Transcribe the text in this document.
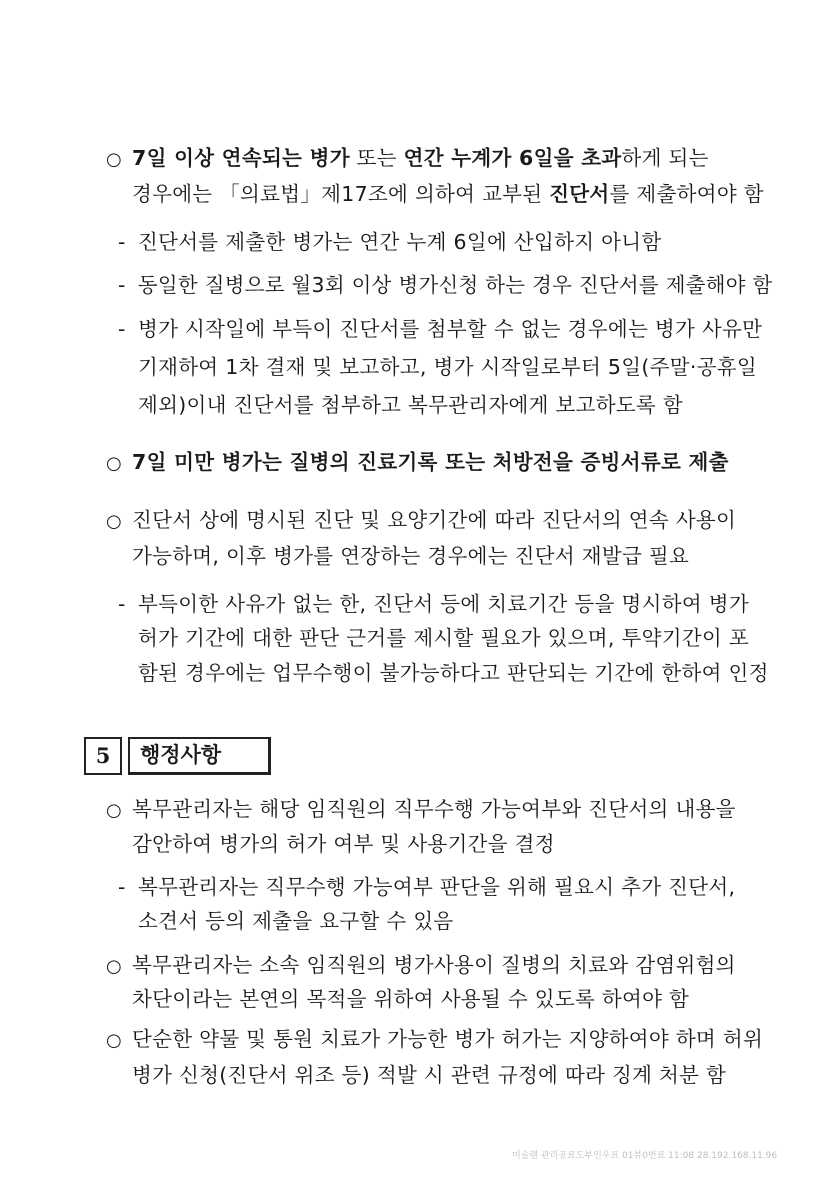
○ 7일 이상 연속되는 병가 또는 연간 누계가 6일을 초과하게 되는
경우에는 「의료법」제17조에 의하여 교부된 진단서를 제출하여야 함
- 진단서를 제출한 병가는 연간 누계 6일에 산입하지 아니함
- 동일한 질병으로 월3회 이상 병가신청 하는 경우 진단서를 제출해야 함
- 병가 시작일에 부득이 진단서를 첨부할 수 없는 경우에는 병가 사유만
기재하여 1차 결재 및 보고하고, 병가 시작일로부터 5일(주말·공휴일
제외)이내 진단서를 첨부하고 복무관리자에게 보고하도록 함
○ 7일 미만 병가는 질병의 진료기록 또는 처방전을 증빙서류로 제출
○ 진단서 상에 명시된 진단 및 요양기간에 따라 진단서의 연속 사용이
가능하며, 이후 병가를 연장하는 경우에는 진단서 재발급 필요
- 부득이한 사유가 없는 한, 진단서 등에 치료기간 등을 명시하여 병가
허가 기간에 대한 판단 근거를 제시할 필요가 있으며, 투약기간이 포
함된 경우에는 업무수행이 불가능하다고 판단되는 기간에 한하여 인정
5	행정사항
○ 복무관리자는 해당 임직원의 직무수행 가능여부와 진단서의 내용을
감안하여 병가의 허가 여부 및 사용기간을 결정
- 복무관리자는 직무수행 가능여부 판단을 위해 필요시 추가 진단서,
소견서 등의 제출을 요구할 수 있음
○ 복무관리자는 소속 임직원의 병가사용이 질병의 치료와 감염위험의
차단이라는 본연의 목적을 위하여 사용될 수 있도록 하여야 함
○ 단순한 약물 및 통원 치료가 가능한 병가 허가는 지양하여야 하며 허위
병가 신청(진단서 위조 등) 적발 시 관련 규정에 따라 징계 처분 함
미술랜 관리공료도부인우표 01뷰0번료 11:08 28.192.168.11.96
